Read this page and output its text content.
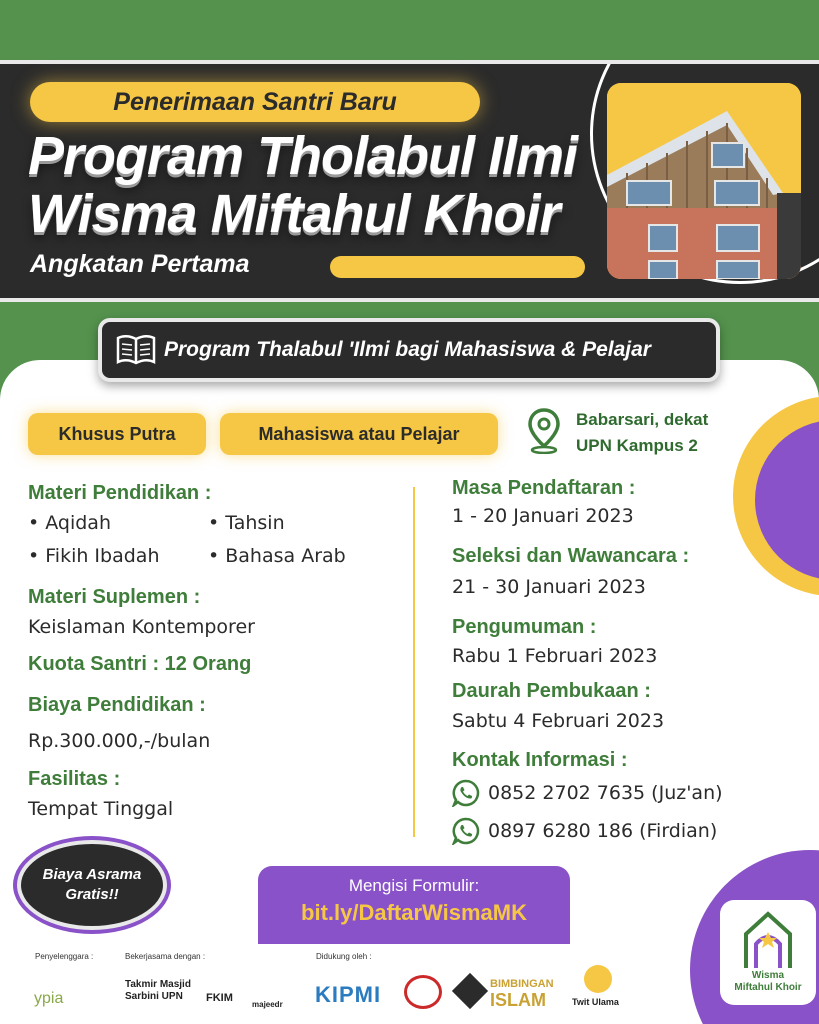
Penerimaan Santri Baru
Program Tholabul Ilmi
Wisma Miftahul Khoir
Angkatan Pertama
Program Thalabul 'Ilmi bagi Mahasiswa & Pelajar
Khusus Putra	Mahasiswa atau Pelajar
Babarsari, dekat
UPN Kampus 2
Materi Pendidikan :
• Aqidah	• Tahsin
• Fikih Ibadah	• Bahasa Arab
Materi Suplemen :
Keislaman Kontemporer
Kuota Santri : 12 Orang
Biaya Pendidikan :
Rp.300.000,-/bulan
Fasilitas :
Tempat Tinggal
Masa Pendaftaran :
1 - 20 Januari 2023
Seleksi dan Wawancara :
21 - 30 Januari 2023
Pengumuman :
Rabu 1 Februari 2023
Daurah Pembukaan :
Sabtu 4 Februari 2023
Kontak Informasi :
0852 2702 7635 (Juz'an)
0897 6280 186 (Firdian)
Biaya Asrama
Gratis!!	Mengisi Formulir:
bit.ly/DaftarWismaMK
Wisma
Miftahul Khoir
Penyelenggara :	Bekerjasama dengan :	Didukung oleh :
ypia
Takmir Masjid
Sarbini UPN	FKIM
majeedr KIPMI	BIMBINGAN
ISLAM	Twit Ulama
